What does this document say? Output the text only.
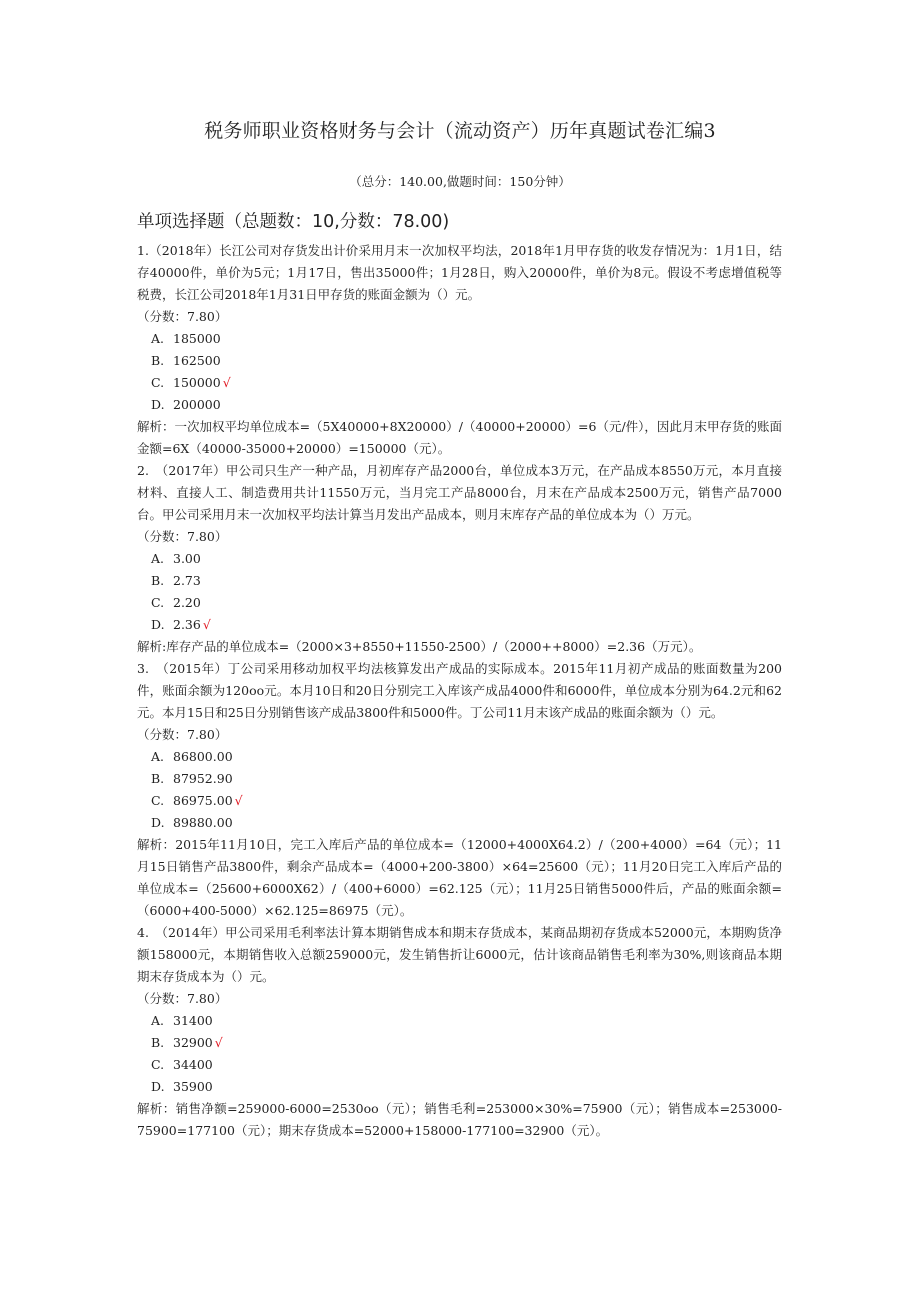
税务师职业资格财务与会计（流动资产）历年真题试卷汇编3
（总分：140.00,做题时间：150分钟）
单项选择题（总题数：10,分数：78.00)

1.（2018年）长江公司对存货发出计价采用月末一次加权平均法，2018年1月甲存货的收发存情况为：1月1日，结存40000件，单价为5元；1月17日，售出35000件；1月28日，购入20000件，单价为8元。假设不考虑增值税等税费，长江公司2018年1月31日甲存货的账面金额为（）元。

（分数：7.80）

A. 185000

B. 162500

C. 150000 √

D. 200000

解析：一次加权平均单位成本=（5X40000+8X20000）/（40000+20000）=6（元/件），因此月末甲存货的账面金额=6X（40000-35000+20000）=150000（元）。

2.　（2017年）甲公司只生产一种产品，月初库存产品2000台，单位成本3万元，在产品成本8550万元，本月直接材料、直接人工、制造费用共计11550万元，当月完工产品8000台，月末在产品成本2500万元，销售产品7000台。甲公司采用月末一次加权平均法计算当月发出产品成本，则月末库存产品的单位成本为（）万元。

（分数：7.80）

A. 3.00

B. 2.73

C. 2.20

D. 2.36 √

解析:库存产品的单位成本=（2000×3+8550+11550-2500）/（2000++8000）=2.36（万元）。

3.　（2015年）丁公司采用移动加权平均法核算发出产成品的实际成本。2015年11月初产成品的账面数量为200件，账面余额为120oo元。本月10日和20日分别完工入库该产成品4000件和6000件，单位成本分别为64.2元和62元。本月15日和25日分别销售该产成品3800件和5000件。丁公司11月末该产成品的账面余额为（）元。

（分数：7.80）

A. 86800.00

B. 87952.90

C. 86975.00 √

D. 89880.00

解析：2015年11月10日，完工入库后产品的单位成本=（12000+4000X64.2）/（200+4000）=64（元）；11月15日销售产品3800件，剩余产品成本=（4000+200-3800）×64=25600（元）；11月20日完工入库后产品的单位成本=（25600+6000X62）/（400+6000）=62.125（元）；11月25日销售5000件后，产品的账面余额=（6000+400-5000）×62.125=86975（元）。

4.　（2014年）甲公司采用毛利率法计算本期销售成本和期末存货成本，某商品期初存货成本52000元，本期购货净额158000元，本期销售收入总额259000元，发生销售折让6000元，估计该商品销售毛利率为30%,则该商品本期期末存货成本为（）元。

（分数：7.80）

A. 31400

B. 32900 √

C. 34400

D. 35900

解析：销售净额=259000-6000=2530oo（元）；销售毛利=253000×30%=75900（元）；销售成本=253000-75900=177100（元）；期末存货成本=52000+158000-177100=32900（元）。
